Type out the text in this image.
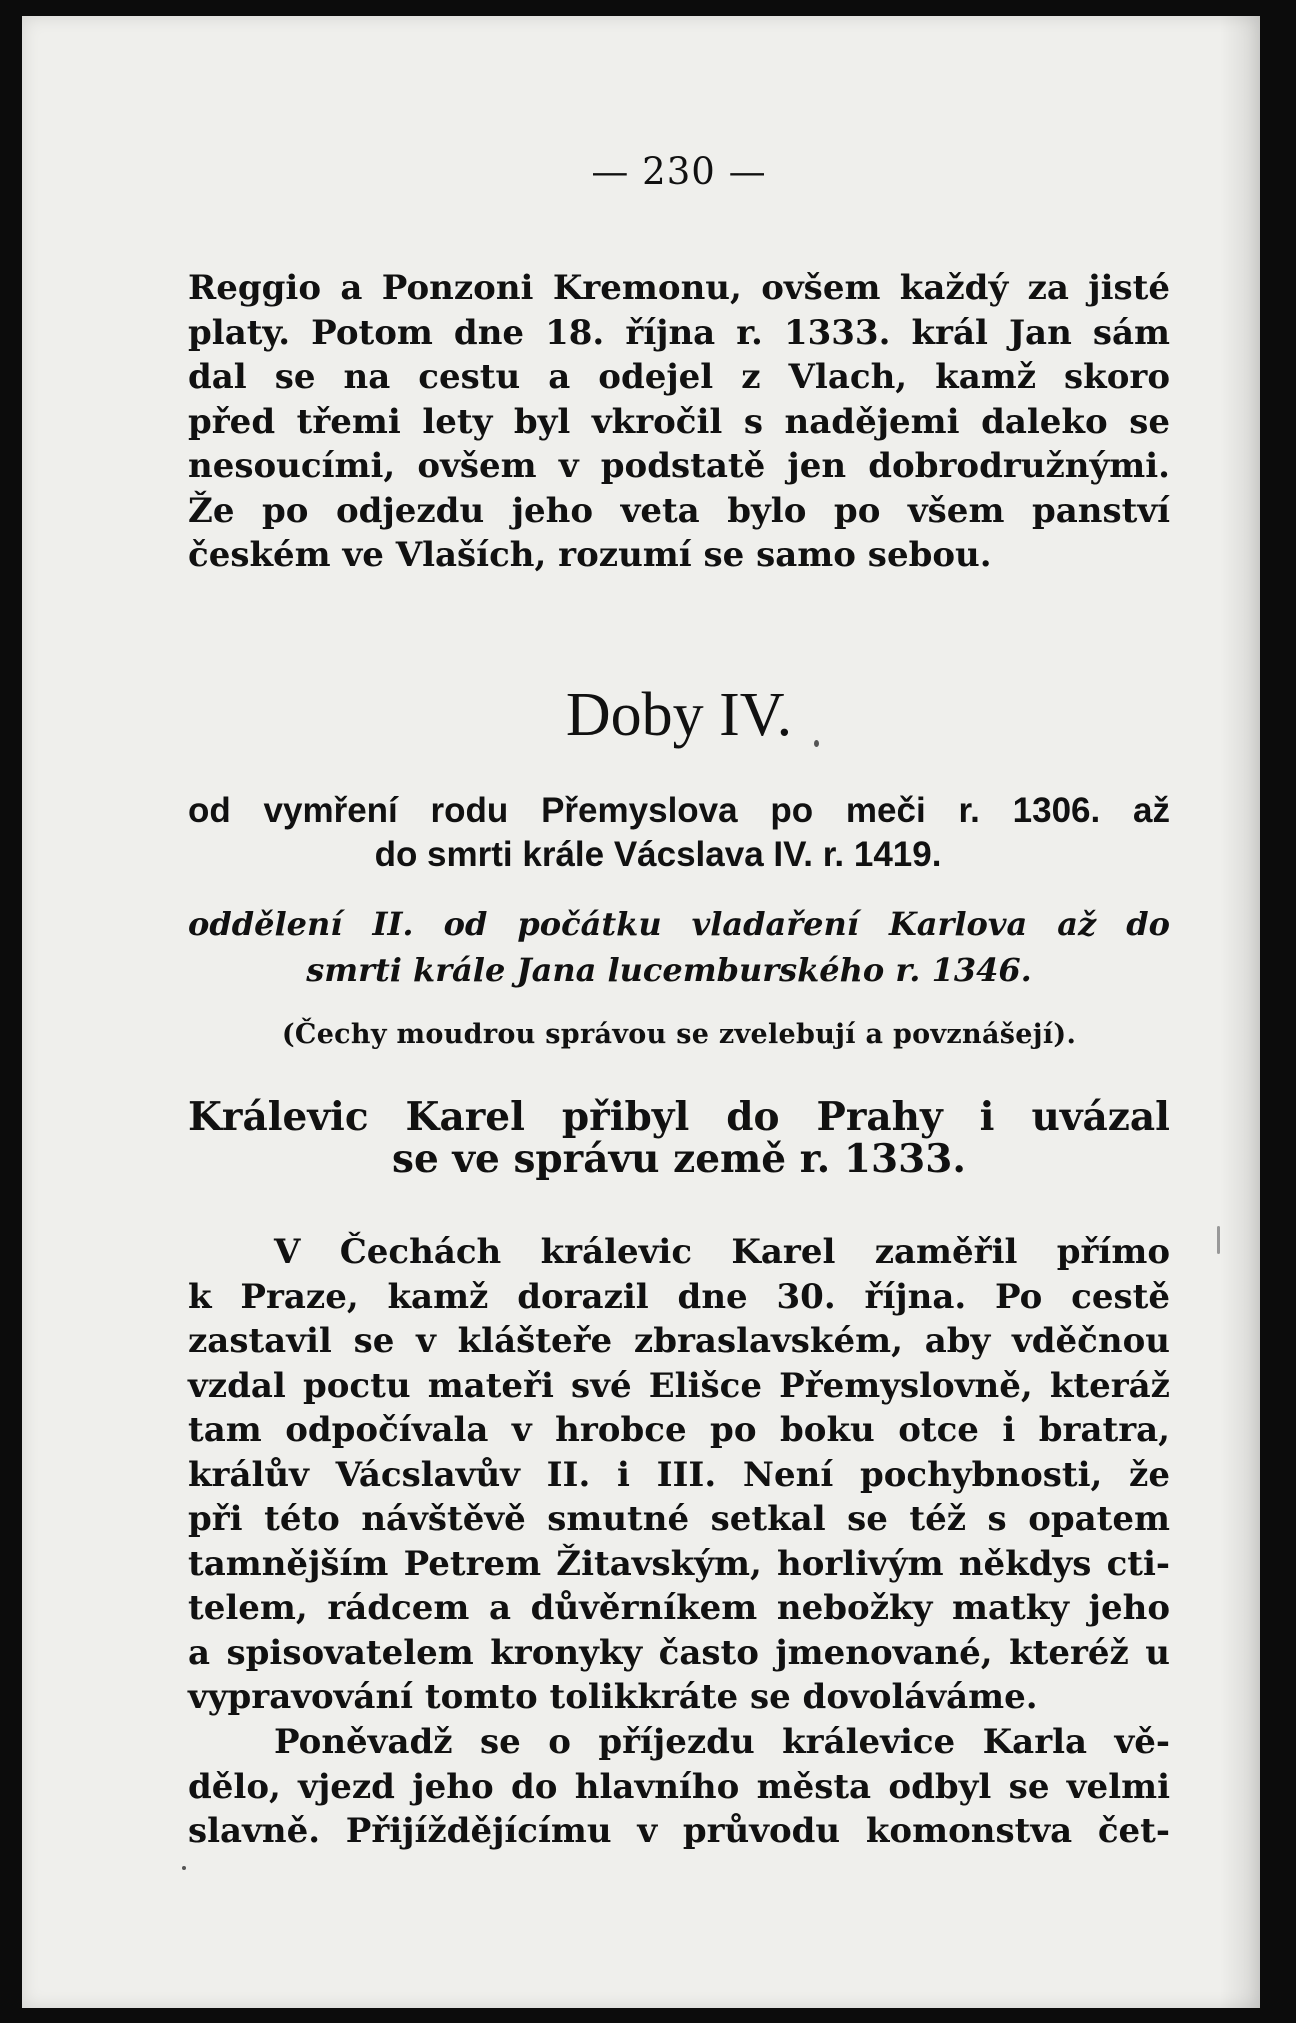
— 230 —
Reggio a Ponzoni Kremonu, ovšem každý za jisté
platy. Potom dne 18. října r. 1333. král Jan sám
dal se na cestu a odejel z Vlach, kamž skoro
před třemi lety byl vkročil s nadějemi daleko se
nesoucími, ovšem v podstatě jen dobrodružnými.
Že po odjezdu jeho veta bylo po všem panství
českém ve Vlaších, rozumí se samo sebou.
Doby IV.
od vymření rodu Přemyslova po meči r. 1306. až
do smrti krále Vácslava IV. r. 1419.
oddělení II. od počátku vladaření Karlova až do
smrti krále Jana lucemburského r. 1346.
(Čechy moudrou správou se zvelebují a povznášejí).
Králevic Karel přibyl do Prahy i uvázal
se ve správu země r. 1333.
V Čechách králevic Karel zaměřil přímo
k Praze, kamž dorazil dne 30. října. Po cestě
zastavil se v klášteře zbraslavském, aby vděčnou
vzdal poctu mateři své Elišce Přemyslovně, kteráž
tam odpočívala v hrobce po boku otce i bratra,
králův Vácslavův II. i III. Není pochybnosti, že
při této návštěvě smutné setkal se též s opatem
tamnějším Petrem Žitavským, horlivým někdys cti-
telem, rádcem a důvěrníkem nebožky matky jeho
a spisovatelem kronyky často jmenované, kteréž u
vypravování tomto tolikkráte se dovoláváme.
Poněvadž se o příjezdu králevice Karla vě-
dělo, vjezd jeho do hlavního města odbyl se velmi
slavně. Přijíždějícímu v průvodu komonstva čet-
